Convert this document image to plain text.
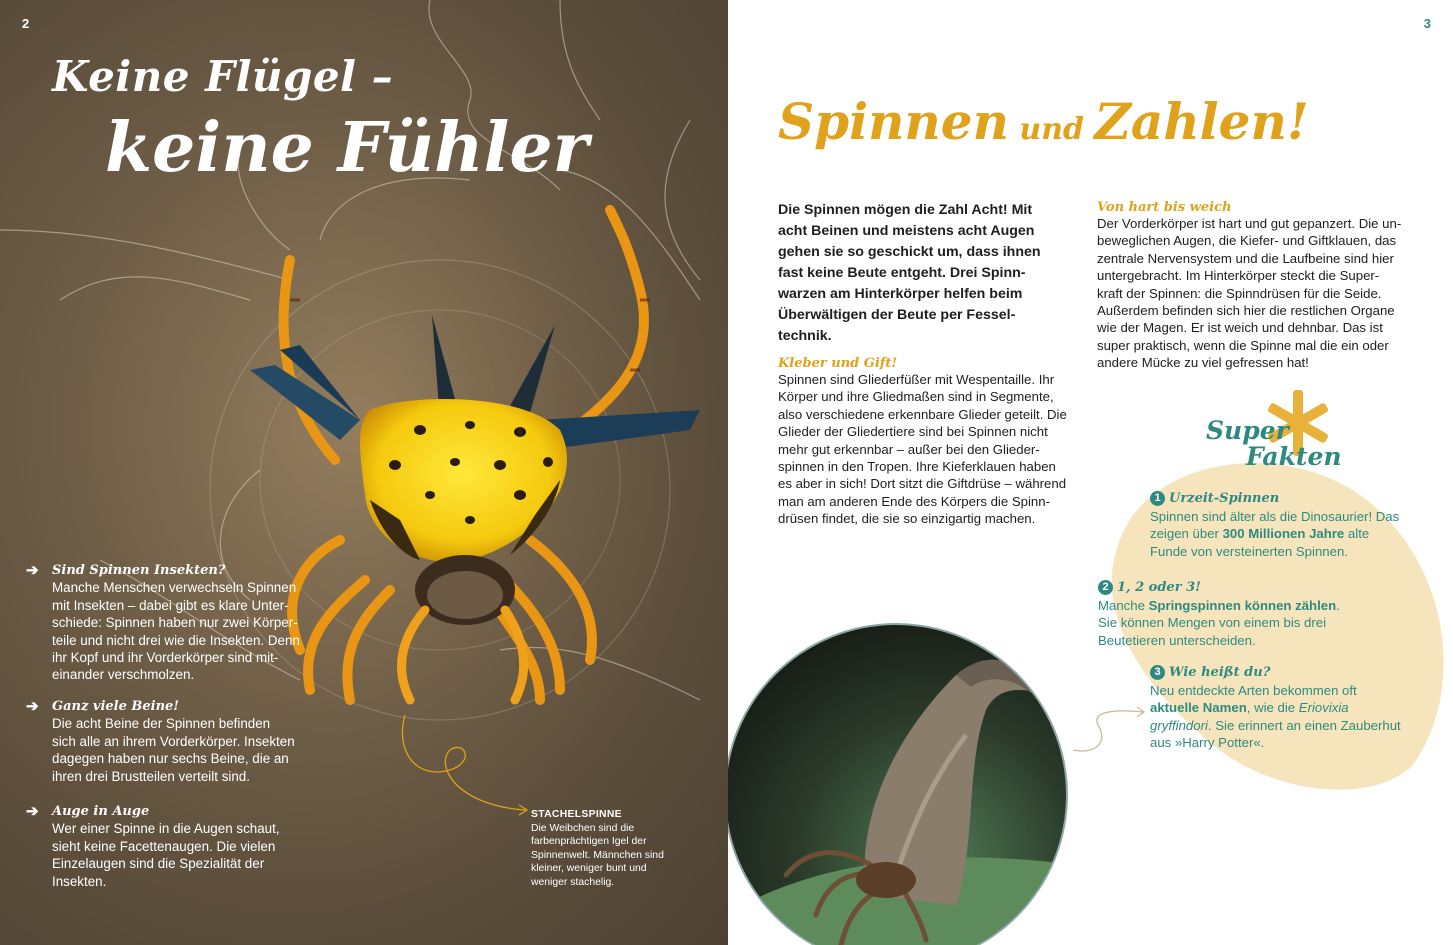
2
Keine Flügel –
keine Fühler
➔ Sind Spinnen Insekten?
Manche Menschen verwechseln Spinnen
mit Insekten – dabei gibt es klare Unter-
schiede: Spinnen haben nur zwei Körper-
teile und nicht drei wie die Insekten. Denn
ihr Kopf und ihr Vorderkörper sind mit-
einander verschmolzen.
➔ Ganz viele Beine!
Die acht Beine der Spinnen befinden
sich alle an ihrem Vorderkörper. Insekten
dagegen haben nur sechs Beine, die an
ihren drei Brustteilen verteilt sind.
➔ Auge in Auge
Wer einer Spinne in die Augen schaut,
sieht keine Facettenaugen. Die vielen
Einzelaugen sind die Spezialität der
Insekten.
STACHELSPINNE
Die Weibchen sind die
farbenprächtigen Igel der
Spinnenwelt. Männchen sind
kleiner, weniger bunt und
weniger stachelig.
3
Spinnen und Zahlen!
Die Spinnen mögen die Zahl Acht! Mit
acht Beinen und meistens acht Augen
gehen sie so geschickt um, dass ihnen
fast keine Beute entgeht. Drei Spinn-
warzen am Hinterkörper helfen beim
Überwältigen der Beute per Fessel-
technik.
Kleber und Gift!
Spinnen sind Gliederfüßer mit Wespentaille. Ihr
Körper und ihre Gliedmaßen sind in Segmente,
also verschiedene erkennbare Glieder geteilt. Die
Glieder der Gliedertiere sind bei Spinnen nicht
mehr gut erkennbar – außer bei den Glieder-
spinnen in den Tropen. Ihre Kieferklauen haben
es aber in sich! Dort sitzt die Giftdrüse – während
man am anderen Ende des Körpers die Spinn-
drüsen findet, die sie so einzigartig machen.
Von hart bis weich
Der Vorderkörper ist hart und gut gepanzert. Die un-
beweglichen Augen, die Kiefer- und Giftklauen, das
zentrale Nervensystem und die Laufbeine sind hier
untergebracht. Im Hinterkörper steckt die Super-
kraft der Spinnen: die Spinndrüsen für die Seide.
Außerdem befinden sich hier die restlichen Organe
wie der Magen. Er ist weich und dehnbar. Das ist
super praktisch, wenn die Spinne mal die ein oder
andere Mücke zu viel gefressen hat!
Super
Fakten
1 Urzeit-Spinnen
Spinnen sind älter als die Dinosaurier! Das
zeigen über 300 Millionen Jahre alte
Funde von versteinerten Spinnen.
2 1, 2 oder 3!
Manche Springspinnen können zählen.
Sie können Mengen von einem bis drei
Beutetieren unterscheiden.
3 Wie heißt du?
Neu entdeckte Arten bekommen oft
aktuelle Namen, wie die Eriovixia
gryffindori. Sie erinnert an einen Zauberhut
aus »Harry Potter«.
